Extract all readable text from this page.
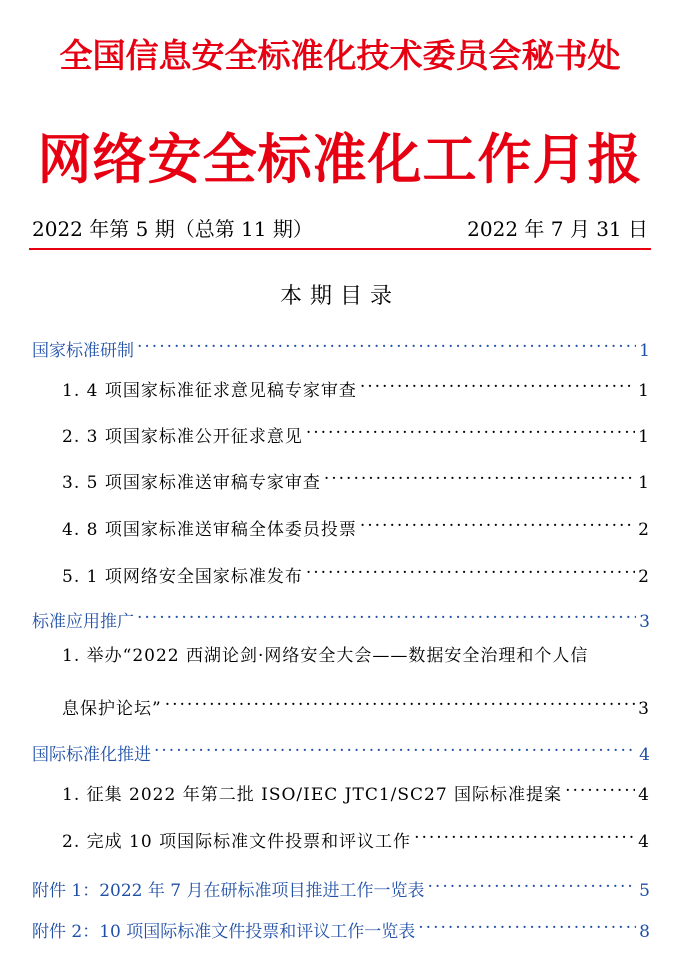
全国信息安全标准化技术委员会秘书处
网络安全标准化工作月报
2022 年第 5 期（总第 11 期）	2022 年 7 月 31 日
本期目录
国家标准研制 .....	1
1. 4 项国家标准征求意见稿专家审查 .....	1
2. 3 项国家标准公开征求意见 .....	1
3. 5 项国家标准送审稿专家审查 .....	1
4. 8 项国家标准送审稿全体委员投票 .....	2
5. 1 项网络安全国家标准发布 .....	2
标准应用推广 .....	3
1. 举办“2022 西湖论剑·网络安全大会——数据安全治理和个人信
息保护论坛” .....	3
国际标准化推进 .....	4
1. 征集 2022 年第二批 ISO/IEC JTC1/SC27 国际标准提案 .....	4
2. 完成 10 项国际标准文件投票和评议工作 .....	4
附件 1：2022 年 7 月在研标准项目推进工作一览表 .....	5
附件 2：10 项国际标准文件投票和评议工作一览表 .....	8
